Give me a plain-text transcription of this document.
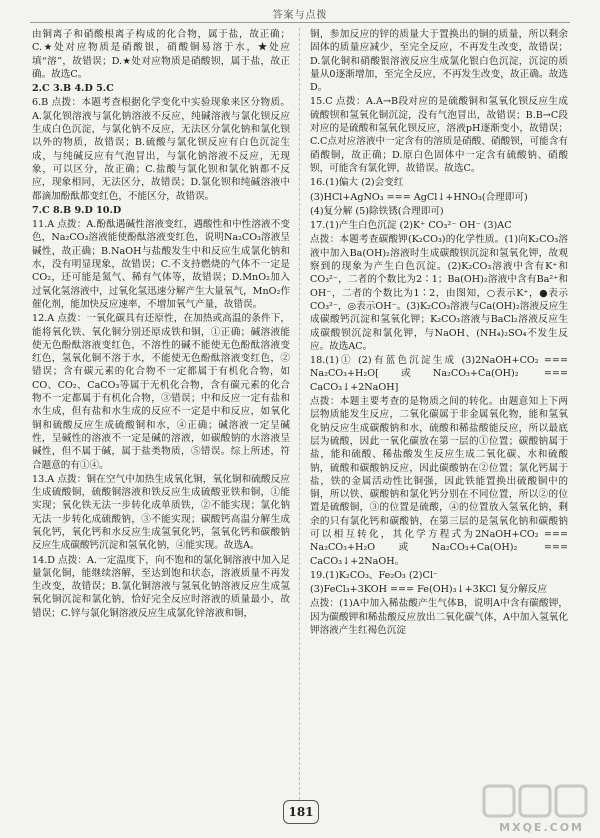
答案与点拨

由铜离子和硝酸根离子构成的化合物，属于盐，故正确；C.★处对应物质是硝酸银，硝酸铜易溶于水，★处应填“溶”，故错误；D.★处对应物质是硝酸钡，属于盐，故正确。故选C。

2.C 3.B 4.D 5.C

6.B 点拨：本题考查根据化学变化中实验现象来区分物质。A.氯化钡溶液与氯化钠溶液不反应，纯碱溶液与氯化钡反应生成白色沉淀，与氯化钠不反应，无法区分氯化钠和氯化钡以外的物质，故错误；B.硫酸与氯化钡反应有白色沉淀生成，与纯碱反应有气泡冒出，与氯化钠溶液不反应，无现象，可以区分，故正确；C.盐酸与氯化钡和氯化钠都不反应，现象相同，无法区分，故错误；D.氯化钡和纯碱溶液中都滴加酚酞都变红色，不能区分，故错误。

7.C 8.B 9.D 10.D

11.A 点拨：A.酚酞遇碱性溶液变红，遇酸性和中性溶液不变色，Na₂CO₃溶液能使酚酞溶液变红色，说明Na₂CO₃溶液呈碱性，故正确；B.NaOH与盐酸发生中和反应生成氯化钠和水，没有明显现象，故错误；C.不支持燃烧的气体不一定是CO₂，还可能是氮气、稀有气体等，故错误；D.MnO₂加入过氧化氢溶液中，过氧化氢迅速分解产生大量氧气，MnO₂作催化剂，能加快反应速率，不增加氧气产量，故错误。

12.A 点拨：一氧化碳具有还原性，在加热或高温的条件下，能将氧化铁、氧化铜分别还原成铁和铜，①正确；碱溶液能使无色酚酞溶液变红色，不溶性的碱不能使无色酚酞溶液变红色，氢氧化铜不溶于水，不能使无色酚酞溶液变红色，②错误；含有碳元素的化合物不一定都属于有机化合物，如CO、CO₂、CaCO₃等属于无机化合物，含有碳元素的化合物不一定都属于有机化合物，③错误；中和反应一定有盐和水生成，但有盐和水生成的反应不一定是中和反应，如氧化铜和硫酸反应生成硫酸铜和水，④正确；碱溶液一定呈碱性，呈碱性的溶液不一定是碱的溶液，如碳酸钠的水溶液呈碱性，但不属于碱，属于盐类物质，⑤错误。综上所述，符合题意的有①④。

13.A 点拨：铜在空气中加热生成氧化铜，氧化铜和硫酸反应生成硫酸铜，硫酸铜溶液和铁反应生成硫酸亚铁和铜，①能实现；氧化铁无法一步转化成单质铁，②不能实现；氯化钠无法一步转化成硫酸钠，③不能实现；碳酸钙高温分解生成氧化钙，氧化钙和水反应生成氢氧化钙，氢氧化钙和碳酸钠反应生成碳酸钙沉淀和氢氧化钠，④能实现。故选A。

14.D 点拨：A.一定温度下，向不饱和的氯化铜溶液中加入足量氯化铜，能继续溶解，至达到饱和状态，溶液质量不再发生改变，故错误；B.氯化铜溶液与氢氧化钠溶液反应生成氢氧化铜沉淀和氯化钠，恰好完全反应时溶液的质量最小，故错误；C.锌与氯化铜溶液反应生成氯化锌溶液和铜，

铜，参加反应的锌的质量大于置换出的铜的质量，所以剩余固体的质量应减少，至完全反应，不再发生改变，故错误；D.氯化铜和硝酸银溶液反应生成氯化银白色沉淀，沉淀的质量从0逐渐增加，至完全反应，不再发生改变，故正确。故选D。

15.C 点拨：A.A→B段对应的是硫酸铜和氢氧化钡反应生成硫酸钡和氢氧化铜沉淀，没有气泡冒出，故错误；B.B→C段对应的是硫酸和氢氧化钡反应，溶液pH逐渐变小，故错误；C.C点对应溶液中一定含有的溶质是硝酸、硝酸钡，可能含有硝酸铜，故正确；D.原白色固体中一定含有硫酸钠、硝酸钡，可能含有氯化钾，故错误。故选C。

16.(1)偏大 (2)会变红

(3)HCl+AgNO₃ === AgCl↓+HNO₃(合理即可)

(4)复分解 (5)除铁锈(合理即可)

17.(1)产生白色沉淀 (2)K⁺ CO₃²⁻ OH⁻ (3)AC

点拨：本题考查碳酸钾(K₂CO₃)的化学性质。(1)向K₂CO₃溶液中加入Ba(OH)₂溶液时生成碳酸钡沉淀和氢氧化钾，故观察到的现象为产生白色沉淀。(2)K₂CO₃溶液中含有K⁺和CO₃²⁻，二者的个数比为2∶1；Ba(OH)₂溶液中含有Ba²⁺和OH⁻，二者的个数比为1∶2，由图知，○表示K⁺，●表示CO₃²⁻，◎表示OH⁻。(3)K₂CO₃溶液与Ca(OH)₂溶液反应生成碳酸钙沉淀和氢氧化钾；K₂CO₃溶液与BaCl₂溶液反应生成碳酸钡沉淀和氯化钾，与NaOH、(NH₄)₂SO₄不发生反应。故选AC。

18.(1)① (2)有蓝色沉淀生成 (3)2NaOH+CO₂ === Na₂CO₃+H₂O[或Na₂CO₃+Ca(OH)₂ === CaCO₃↓+2NaOH]

点拨：本题主要考查的是物质之间的转化。由题意知上下两层物质能发生反应，二氧化碳属于非金属氧化物，能和氢氧化钠反应生成碳酸钠和水，硫酸和稀盐酸能反应，所以最底层为硫酸，因此一氧化碳放在第一层的①位置；碳酸钠属于盐，能和硫酸、稀盐酸发生反应生成二氧化碳、水和硫酸钠，硫酸和碳酸钠反应，因此碳酸钠在②位置；氯化钙属于盐，铁的金属活动性比铜强，因此铁能置换出硫酸铜中的铜，所以铁、碳酸钠和氯化钙分别在不同位置，所以②的位置是硫酸铜，③的位置是硫酸，④的位置放入氢氧化钠，剩余的只有氯化钙和碳酸钠，在第三层的是氢氧化钠和碳酸钠可以相互转化，其化学方程式为2NaOH+CO₂ === Na₂CO₃+H₂O或Na₂CO₃+Ca(OH)₂ === CaCO₃↓+2NaOH。

19.(1)K₂CO₃、Fe₂O₃ (2)Cl⁻

(3)FeCl₃+3KOH === Fe(OH)₃↓+3KCl 复分解反应

点拨：(1)A中加入稀盐酸产生气体B，说明A中含有碳酸钾，因为碳酸钾和稀盐酸反应放出二氧化碳气体，A中加入氢氧化钾溶液产生红褐色沉淀

181
MXQE.COM
